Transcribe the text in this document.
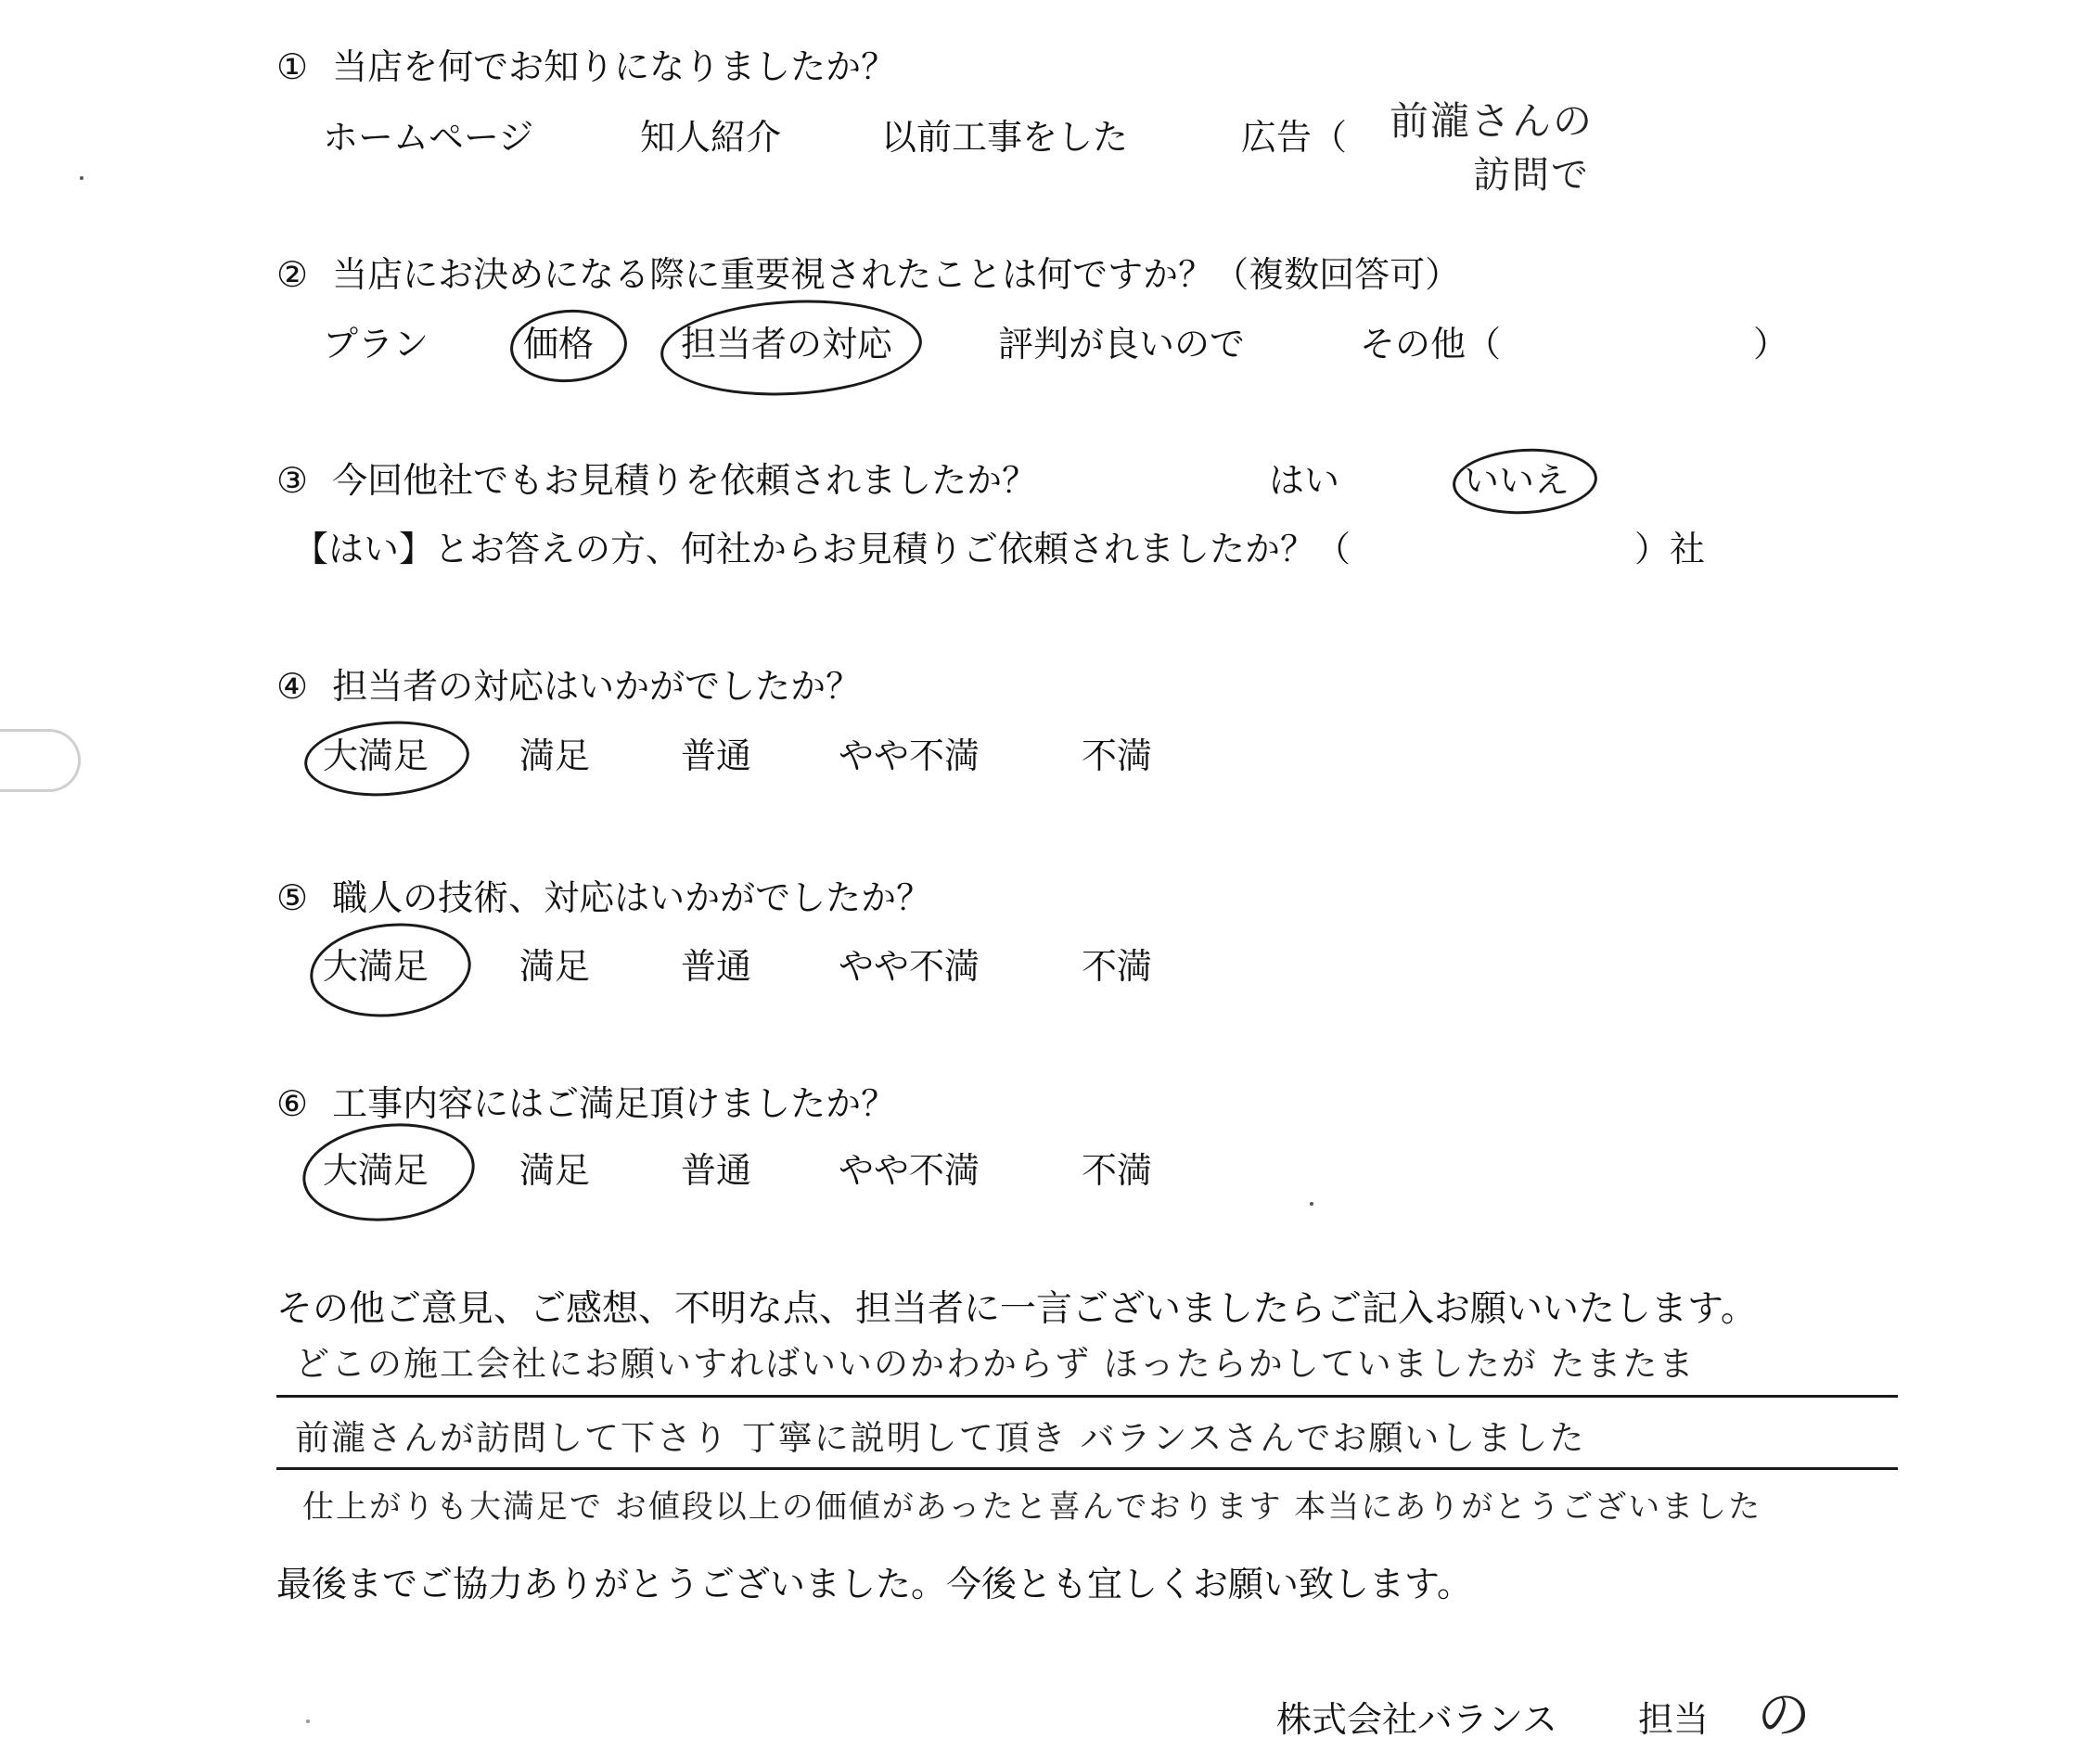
① 当店を何でお知りになりましたか？
ホームページ	知人紹介	以前工事をした	広告（ 前瀧さんの
訪問で
② 当店にお決めになる際に重要視されたことは何ですか？（複数回答可）
プラン	価格 担当者の対応	評判が良いので	その他（	）
③ 今回他社でもお見積りを依頼されましたか？	はい	いいえ
【はい】とお答えの方、何社からお見積りご依頼されましたか？（	）社
④ 担当者の対応はいかがでしたか？
大満足	満足	普通 やや不満	不満
⑤ 職人の技術、対応はいかがでしたか？
大満足	満足	普通 やや不満	不満
⑥ 工事内容にはご満足頂けましたか？
大満足	満足	普通 やや不満	不満
その他ご意見、ご感想、不明な点、担当者に一言ございましたらご記入お願いいたします。
どこの施工会社にお願いすればいいのかわからず ほったらかしていましたが たまたま
前瀧さんが訪問して下さり 丁寧に説明して頂き バランスさんでお願いしました
仕上がりも大満足で お値段以上の価値があったと喜んでおります 本当にありがとうございました
最後までご協力ありがとうございました。今後とも宜しくお願い致します。
株式会社バランス 担当 の
